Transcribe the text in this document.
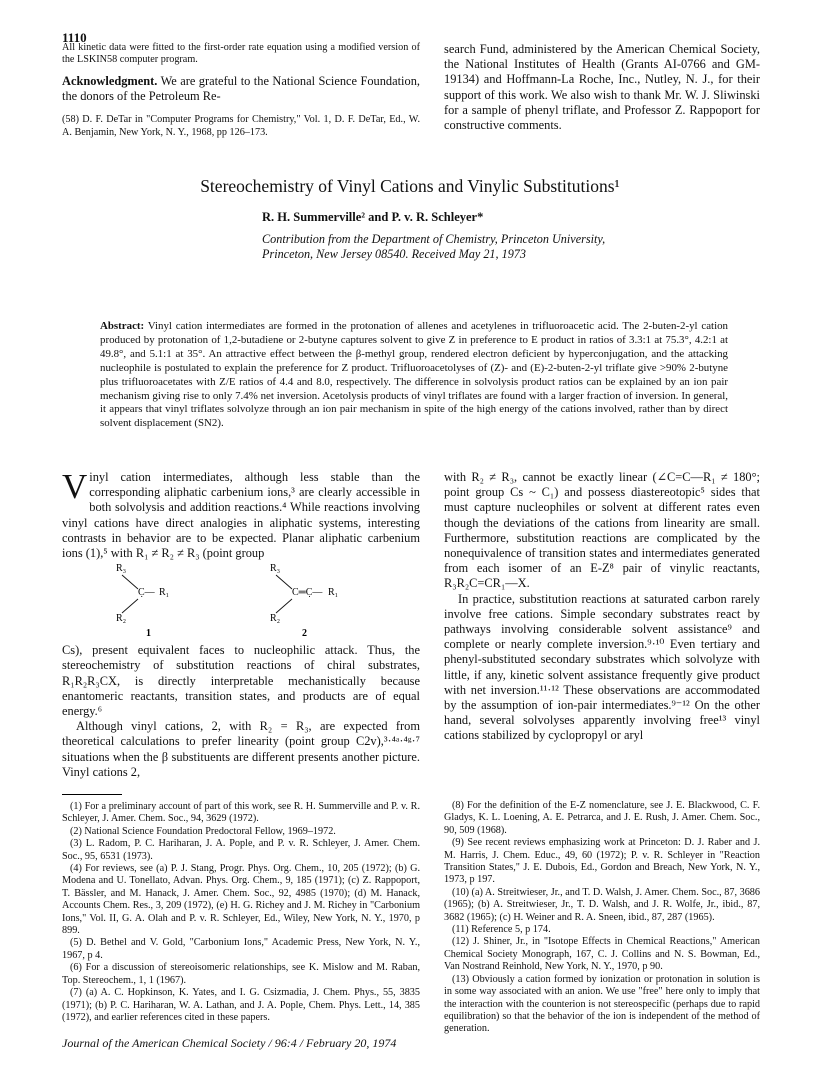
1110

All kinetic data were fitted to the first-order rate equation using a modified version of the LSKIN58 computer program.

Acknowledgment. We are grateful to the National Science Foundation, the donors of the Petroleum Re-

(58) D. F. DeTar in "Computer Programs for Chemistry," Vol. 1, D. F. DeTar, Ed., W. A. Benjamin, New York, N. Y., 1968, pp 126–173.

search Fund, administered by the American Chemical Society, the National Institutes of Health (Grants AI-0766 and GM-19134) and Hoffmann-La Roche, Inc., Nutley, N. J., for their support of this work. We also wish to thank Mr. W. J. Sliwinski for a sample of phenyl triflate, and Professor Z. Rappoport for constructive comments.

Stereochemistry of Vinyl Cations and Vinylic Substitutions¹
R. H. Summerville² and P. v. R. Schleyer*
Contribution from the Department of Chemistry, Princeton University,
Princeton, New Jersey 08540. Received May 21, 1973
Abstract: Vinyl cation intermediates are formed in the protonation of allenes and acetylenes in trifluoroacetic acid. The 2-buten-2-yl cation produced by protonation of 1,2-butadiene or 2-butyne captures solvent to give Z in preference to E product in ratios of 3.3:1 at 75.3°, 4.2:1 at 49.8°, and 5.1:1 at 35°. An attractive effect between the β-methyl group, rendered electron deficient by hyperconjugation, and the attacking nucleophile is postulated to explain the preference for Z product. Trifluoroacetolyses of (Z)- and (E)-2-buten-2-yl triflate give >90% 2-butyne plus trifluoroacetates with Z/E ratios of 4.4 and 8.0, respectively. The difference in solvolysis product ratios can be explained by an ion pair mechanism giving rise to only 7.4% net inversion. Acetolysis products of vinyl triflates are found with a larger fraction of inversion. In general, it appears that vinyl triflates solvolyze through an ion pair mechanism in spite of the high energy of the cations involved, rather than by direct solvent displacement (SN2).

V inyl cation intermediates, although less stable than the corresponding aliphatic carbenium ions,³ are clearly accessible in both solvolysis and addition reactions.⁴ While reactions involving vinyl cations have direct analogies in aliphatic systems, interesting contrasts in behavior are to be expected. Planar aliphatic carbenium ions (1),⁵ with R₁ ≠ R₂ ≠ R₃ (point group

R₃
C̣— R₁
R₂
1
R₃
C═C̣— R₁
R₂
2

Cs), present equivalent faces to nucleophilic attack. Thus, the stereochemistry of substitution reactions of chiral substrates, R₁R₂R₃CX, is directly interpretable mechanistically because enantomeric reactants, transition states, and products are of equal energy.⁶

Although vinyl cations, 2, with R₂ = R₃, are expected from theoretical calculations to prefer linearity (point group C2v),³·⁴ᵃ·⁴ᵍ·⁷ situations when the β substituents are different presents another picture. Vinyl cations 2,

with R₂ ≠ R₃, cannot be exactly linear (∠C=C—R₁ ≠ 180°; point group Cs ~ C₁) and possess diastereotopic⁵ sides that must capture nucleophiles or solvent at different rates even though the deviations of the cations from linearity are small. Furthermore, substitution reactions are complicated by the nonequivalence of transition states and intermediates generated from each isomer of an E-Z⁸ pair of vinylic reactants, R₃R₂C=CR₁—X.

In practice, substitution reactions at saturated carbon rarely involve free cations. Simple secondary substrates react by pathways involving considerable solvent assistance⁹ and complete or nearly complete inversion.⁹·¹⁰ Even tertiary and phenyl-substituted secondary substrates which solvolyze with little, if any, kinetic solvent assistance frequently give product with net inversion.¹¹·¹² These observations are accommodated by the assumption of ion-pair intermediates.⁹⁻¹² On the other hand, several solvolyses apparently involving free¹³ vinyl cations stabilized by cyclopropyl or aryl

(1) For a preliminary account of part of this work, see R. H. Summerville and P. v. R. Schleyer, J. Amer. Chem. Soc., 94, 3629 (1972).

(2) National Science Foundation Predoctoral Fellow, 1969–1972.

(3) L. Radom, P. C. Hariharan, J. A. Pople, and P. v. R. Schleyer, J. Amer. Chem. Soc., 95, 6531 (1973).

(4) For reviews, see (a) P. J. Stang, Progr. Phys. Org. Chem., 10, 205 (1972); (b) G. Modena and U. Tonellato, Advan. Phys. Org. Chem., 9, 185 (1971); (c) Z. Rappoport, T. Bässler, and M. Hanack, J. Amer. Chem. Soc., 92, 4985 (1970); (d) M. Hanack, Accounts Chem. Res., 3, 209 (1972), (e) H. G. Richey and J. M. Richey in "Carbonium Ions," Vol. II, G. A. Olah and P. v. R. Schleyer, Ed., Wiley, New York, N. Y., 1970, p 899.

(5) D. Bethel and V. Gold, "Carbonium Ions," Academic Press, New York, N. Y., 1967, p 4.

(6) For a discussion of stereoisomeric relationships, see K. Mislow and M. Raban, Top. Stereochem., 1, 1 (1967).

(7) (a) A. C. Hopkinson, K. Yates, and I. G. Csizmadia, J. Chem. Phys., 55, 3835 (1971); (b) P. C. Hariharan, W. A. Lathan, and J. A. Pople, Chem. Phys. Lett., 14, 385 (1972), and earlier references cited in these papers.

(8) For the definition of the E-Z nomenclature, see J. E. Blackwood, C. F. Gladys, K. L. Loening, A. E. Petrarca, and J. E. Rush, J. Amer. Chem. Soc., 90, 509 (1968).

(9) See recent reviews emphasizing work at Princeton: D. J. Raber and J. M. Harris, J. Chem. Educ., 49, 60 (1972); P. v. R. Schleyer in "Reaction Transition States," J. E. Dubois, Ed., Gordon and Breach, New York, N. Y., 1973, p 197.

(10) (a) A. Streitwieser, Jr., and T. D. Walsh, J. Amer. Chem. Soc., 87, 3686 (1965); (b) A. Streitwieser, Jr., T. D. Walsh, and J. R. Wolfe, Jr., ibid., 87, 3682 (1965); (c) H. Weiner and R. A. Sneen, ibid., 87, 287 (1965).

(11) Reference 5, p 174.

(12) J. Shiner, Jr., in "Isotope Effects in Chemical Reactions," American Chemical Society Monograph, 167, C. J. Collins and N. S. Bowman, Ed., Van Nostrand Reinhold, New York, N. Y., 1970, p 90.

(13) Obviously a cation formed by ionization or protonation in solution is in some way associated with an anion. We use "free" here only to imply that the interaction with the counterion is not stereospecific (perhaps due to rapid equilibration) so that the behavior of the ion is independent of the method of generation.

Journal of the American Chemical Society / 96:4 / February 20, 1974
